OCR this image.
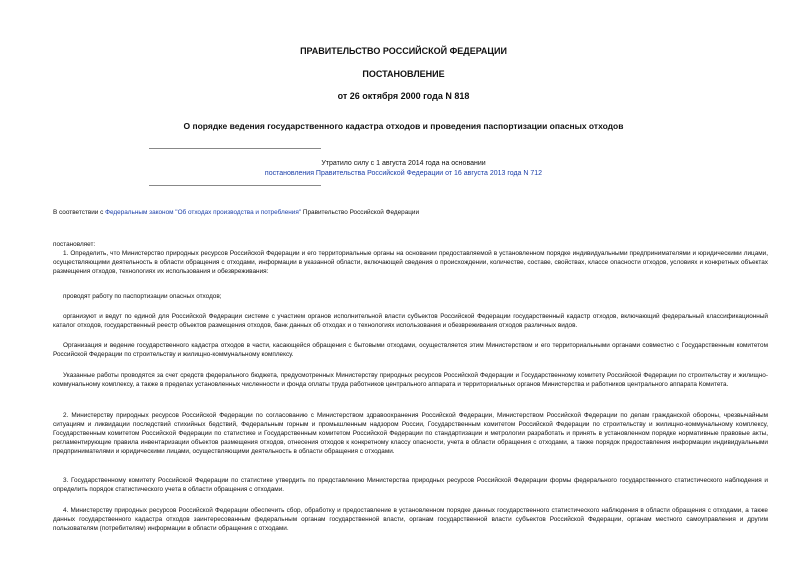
ПРАВИТЕЛЬСТВО РОССИЙСКОЙ ФЕДЕРАЦИИ
ПОСТАНОВЛЕНИЕ
от 26 октября 2000 года N 818
О порядке ведения государственного кадастра отходов и проведения паспортизации опасных отходов
Утратило силу с 1 августа 2014 года на основании
постановления Правительства Российской Федерации от 16 августа 2013 года N 712
В соответствии с Федеральным законом "Об отходах производства и потребления" Правительство Российской Федерации
постановляет:
1. Определить, что Министерство природных ресурсов Российской Федерации и его территориальные органы на основании предоставляемой в установленном порядке индивидуальными предпринимателями и юридическими лицами, осуществляющими деятельность в области обращения с отходами, информации в указанной области, включающей сведения о происхождении, количестве, составе, свойствах, классе опасности отходов, условиях и конкретных объектах размещения отходов, технологиях их использования и обезвреживания:
проводят работу по паспортизации опасных отходов;
организуют и ведут по единой для Российской Федерации системе с участием органов исполнительной власти субъектов Российской Федерации государственный кадастр отходов, включающий федеральный классификационный каталог отходов, государственный реестр объектов размещения отходов, банк данных об отходах и о технологиях использования и обезвреживания отходов различных видов.
Организация и ведение государственного кадастра отходов в части, касающейся обращения с бытовыми отходами, осуществляется этим Министерством и его территориальными органами совместно с Государственным комитетом Российской Федерации по строительству и жилищно-коммунальному комплексу.
Указанные работы проводятся за счет средств федерального бюджета, предусмотренных Министерству природных ресурсов Российской Федерации и Государственному комитету Российской Федерации по строительству и жилищно-коммунальному комплексу, а также в пределах установленных численности и фонда оплаты труда работников центрального аппарата и территориальных органов Министерства и работников центрального аппарата Комитета.
2. Министерству природных ресурсов Российской Федерации по согласованию с Министерством здравоохранения Российской Федерации, Министерством Российской Федерации по делам гражданской обороны, чрезвычайным ситуациям и ликвидации последствий стихийных бедствий, Федеральным горным и промышленным надзором России, Государственным комитетом Российской Федерации по строительству и жилищно-коммунальному комплексу, Государственным комитетом Российской Федерации по статистике и Государственным комитетом Российской Федерации по стандартизации и метрологии разработать и принять в установленном порядке нормативные правовые акты, регламентирующие правила инвентаризации объектов размещения отходов, отнесения отходов к конкретному классу опасности, учета в области обращения с отходами, а также порядок предоставления информации индивидуальными предпринимателями и юридическими лицами, осуществляющими деятельность в области обращения с отходами.
3. Государственному комитету Российской Федерации по статистике утвердить по представлению Министерства природных ресурсов Российской Федерации формы федерального государственного статистического наблюдения и определить порядок статистического учета в области обращения с отходами.
4. Министерству природных ресурсов Российской Федерации обеспечить сбор, обработку и предоставление в установленном порядке данных государственного статистического наблюдения в области обращения с отходами, а также данных государственного кадастра отходов заинтересованным федеральным органам государственной власти, органам государственной власти субъектов Российской Федерации, органам местного самоуправления и другим пользователям (потребителям) информации в области обращения с отходами.
